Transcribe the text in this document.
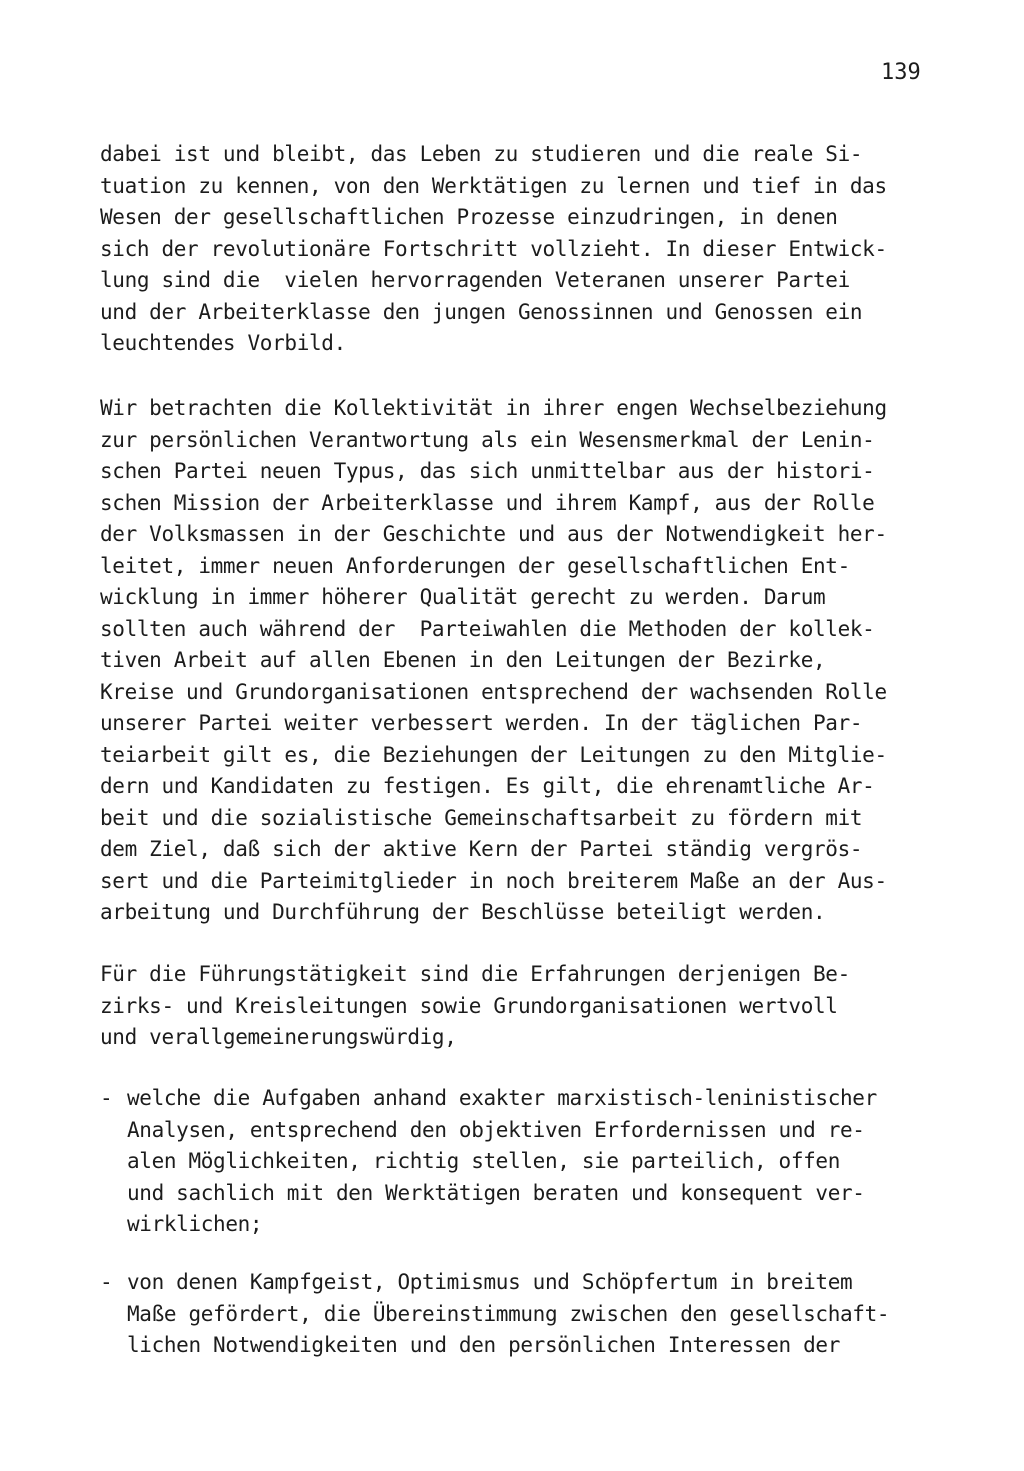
139
dabei ist und bleibt, das Leben zu studieren und die reale Si-
tuation zu kennen, von den Werktätigen zu lernen und tief in das
Wesen der gesellschaftlichen Prozesse einzudringen, in denen
sich der revolutionäre Fortschritt vollzieht. In dieser Entwick-
lung sind die  vielen hervorragenden Veteranen unserer Partei
und der Arbeiterklasse den jungen Genossinnen und Genossen ein
leuchtendes Vorbild.
Wir betrachten die Kollektivität in ihrer engen Wechselbeziehung
zur persönlichen Verantwortung als ein Wesensmerkmal der Lenin-
schen Partei neuen Typus, das sich unmittelbar aus der histori-
schen Mission der Arbeiterklasse und ihrem Kampf, aus der Rolle
der Volksmassen in der Geschichte und aus der Notwendigkeit her-
leitet, immer neuen Anforderungen der gesellschaftlichen Ent-
wicklung in immer höherer Qualität gerecht zu werden. Darum
sollten auch während der  Parteiwahlen die Methoden der kollek-
tiven Arbeit auf allen Ebenen in den Leitungen der Bezirke,
Kreise und Grundorganisationen entsprechend der wachsenden Rolle
unserer Partei weiter verbessert werden. In der täglichen Par-
teiarbeit gilt es, die Beziehungen der Leitungen zu den Mitglie-
dern und Kandidaten zu festigen. Es gilt, die ehrenamtliche Ar-
beit und die sozialistische Gemeinschaftsarbeit zu fördern mit
dem Ziel, daß sich der aktive Kern der Partei ständig vergrös-
sert und die Parteimitglieder in noch breiterem Maße an der Aus-
arbeitung und Durchführung der Beschlüsse beteiligt werden.
Für die Führungstätigkeit sind die Erfahrungen derjenigen Be-
zirks- und Kreisleitungen sowie Grundorganisationen wertvoll
und verallgemeinerungswürdig,
- welche die Aufgaben anhand exakter marxistisch-leninistischer
Analysen, entsprechend den objektiven Erfordernissen und re-
alen Möglichkeiten, richtig stellen, sie parteilich, offen
und sachlich mit den Werktätigen beraten und konsequent ver-
wirklichen;
- von denen Kampfgeist, Optimismus und Schöpfertum in breitem
Maße gefördert, die Übereinstimmung zwischen den gesellschaft-
lichen Notwendigkeiten und den persönlichen Interessen der
